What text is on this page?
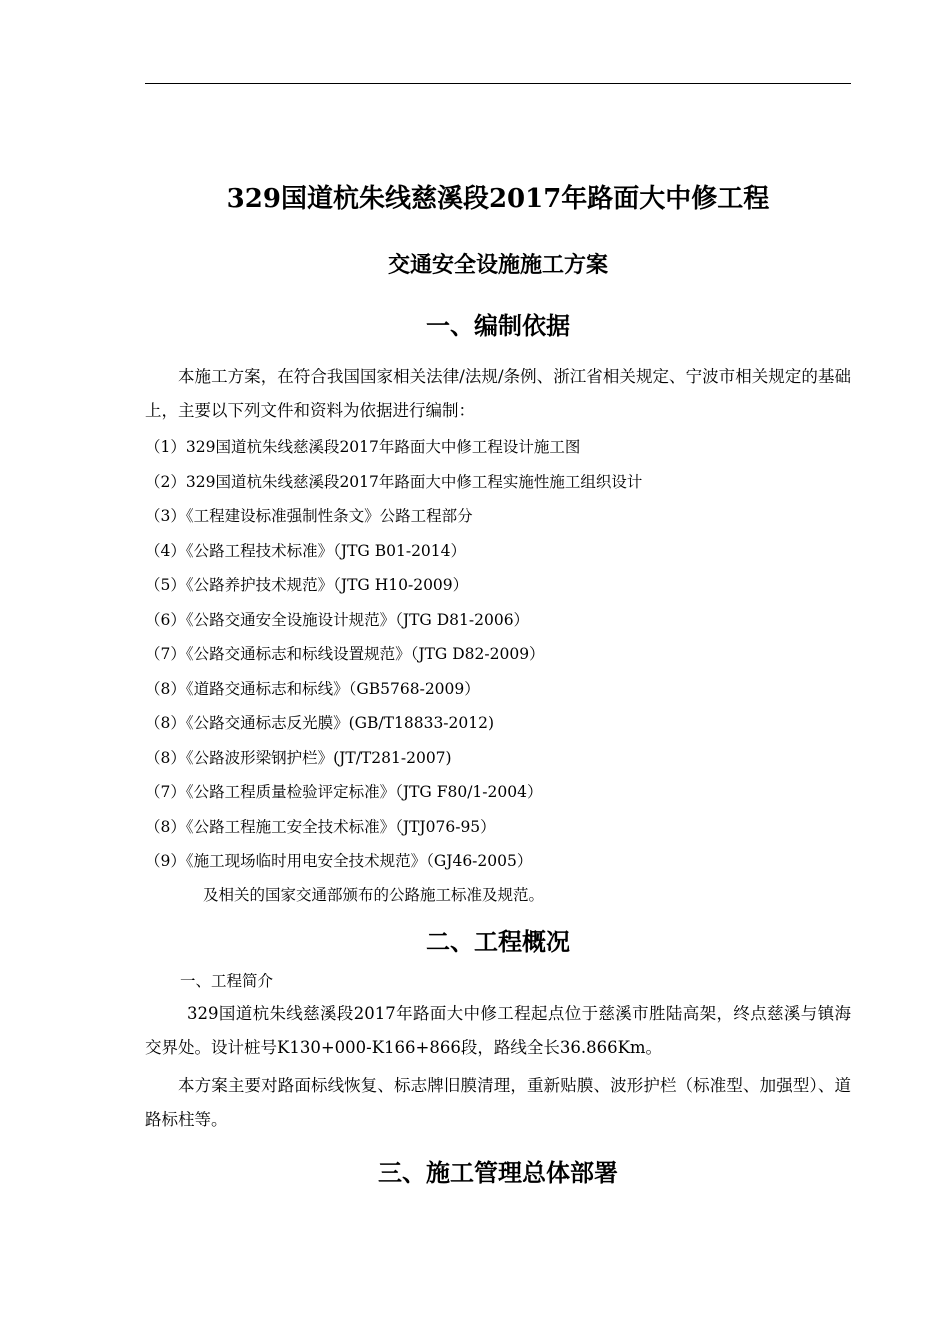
329国道杭朱线慈溪段2017年路面大中修工程
交通安全设施施工方案
一、编制依据

本施工方案，在符合我国国家相关法律/法规/条例、浙江省相关规定、宁波市相关规定的基础上，主要以下列文件和资料为依据进行编制：

（1）329国道杭朱线慈溪段2017年路面大中修工程设计施工图
（2）329国道杭朱线慈溪段2017年路面大中修工程实施性施工组织设计
（3）《工程建设标准强制性条文》公路工程部分
（4）《公路工程技术标准》（JTG B01-2014）
（5）《公路养护技术规范》（JTG H10-2009）
（6）《公路交通安全设施设计规范》（JTG D81-2006）
（7）《公路交通标志和标线设置规范》（JTG D82-2009）
（8）《道路交通标志和标线》（GB5768-2009）
（8）《公路交通标志反光膜》(GB/T18833-2012)
（8）《公路波形梁钢护栏》(JT/T281-2007)
（7）《公路工程质量检验评定标准》（JTG F80/1-2004）
（8）《公路工程施工安全技术标准》（JTJ076-95）
（9）《施工现场临时用电安全技术规范》（GJ46-2005）

及相关的国家交通部颁布的公路施工标准及规范。

二、工程概况

一、工程简介

329国道杭朱线慈溪段2017年路面大中修工程起点位于慈溪市胜陆高架，终点慈溪与镇海交界处。设计桩号K130+000-K166+866段，路线全长36.866Km。

本方案主要对路面标线恢复、标志牌旧膜清理，重新贴膜、波形护栏（标准型、加强型）、道路标柱等。

三、施工管理总体部署
